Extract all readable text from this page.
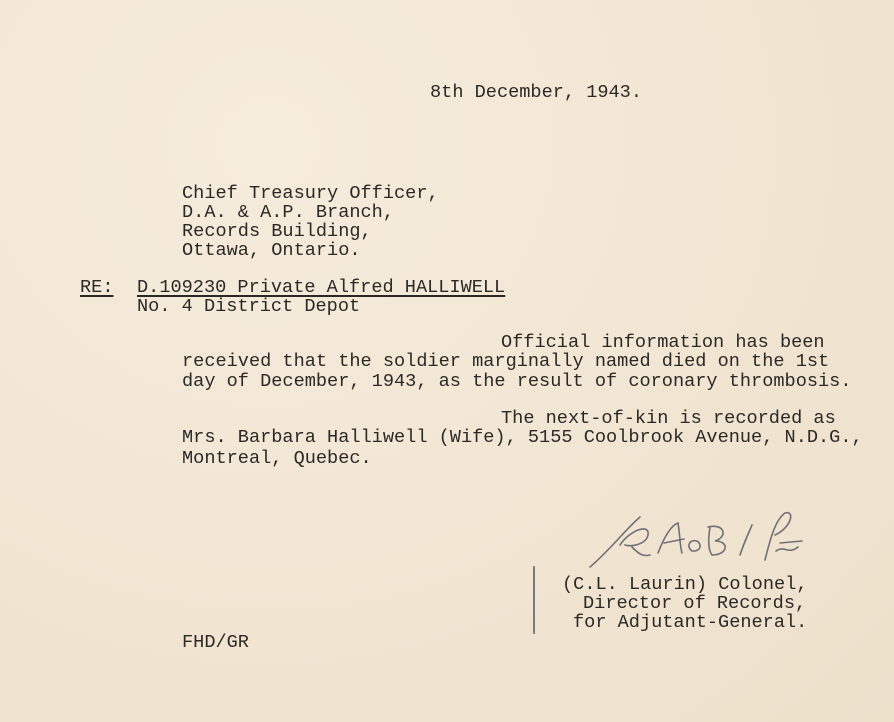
8th December, 1943.
Chief Treasury Officer,
D.A. & A.P. Branch,
Records Building,
Ottawa, Ontario.
RE: D.109230 Private Alfred HALLIWELL
No. 4 District Depot
Official information has been
received that the soldier marginally named died on the 1st
day of December, 1943, as the result of coronary thrombosis.
The next-of-kin is recorded as
Mrs. Barbara Halliwell (Wife), 5155 Coolbrook Avenue, N.D.G.,
Montreal, Quebec.
(C.L. Laurin) Colonel,
Director of Records,
for Adjutant-General.
FHD/GR
